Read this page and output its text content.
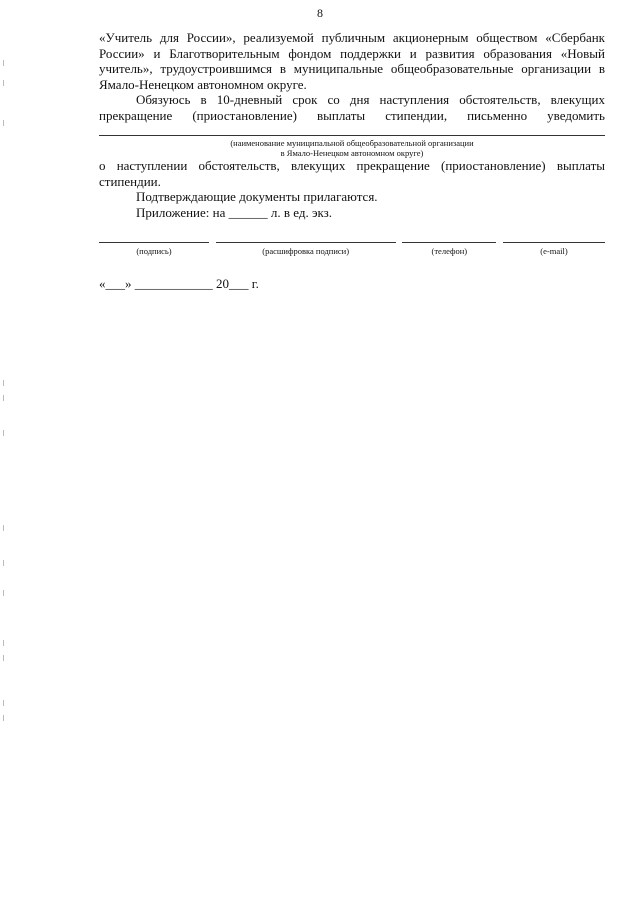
8

«Учитель для России», реализуемой публичным акционерным обществом «Сбербанк России» и Благотворительным фондом поддержки и развития образования «Новый учитель», трудоустроившимся в муниципальные общеобразовательные организации в Ямало-Ненецком автономном округе.

Обязуюсь в 10-дневный срок со дня наступления обстоятельств, влекущих прекращение (приостановление) выплаты стипендии, письменно уведомить

(наименование муниципальной общеобразовательной организации
в Ямало-Ненецком автономном округе)

о наступлении обстоятельств, влекущих прекращение (приостановление) выплаты стипендии.

Подтверждающие документы прилагаются.

Приложение: на ______ л. в ед. экз.

(подпись)	(расшифровка подписи)	(телефон)	(e-mail)
«___» ____________ 20___ г.
